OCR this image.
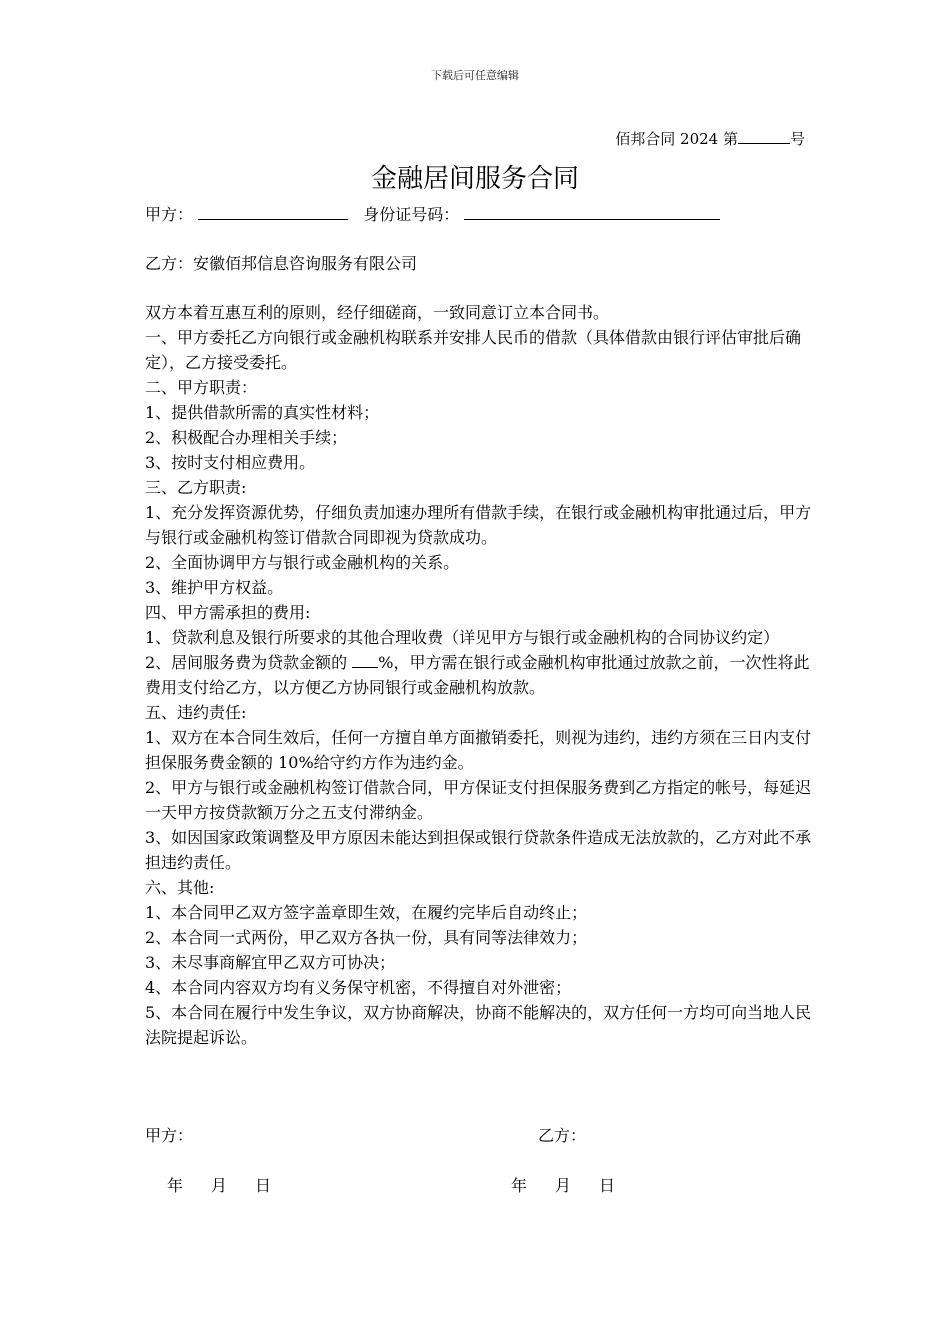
下载后可任意编辑
佰邦合同 2024 第	号
金融居间服务合同
甲方：	身份证号码：
乙方：安徽佰邦信息咨询服务有限公司

双方本着互惠互利的原则，经仔细磋商，一致同意订立本合同书。

一、甲方委托乙方向银行或金融机构联系并安排人民币的借款（具体借款由银行评估审批后确定），乙方接受委托。

二、甲方职责：

1、提供借款所需的真实性材料；

2、积极配合办理相关手续；

3、按时支付相应费用。

三、乙方职责:

1、充分发挥资源优势，仔细负责加速办理所有借款手续，在银行或金融机构审批通过后，甲方与银行或金融机构签订借款合同即视为贷款成功。

2、全面协调甲方与银行或金融机构的关系。

3、维护甲方权益。

四、甲方需承担的费用:

1、贷款利息及银行所要求的其他合理收费（详见甲方与银行或金融机构的合同协议约定）

2、居间服务费为贷款金额的 %，甲方需在银行或金融机构审批通过放款之前，一次性将此费用支付给乙方，以方便乙方协同银行或金融机构放款。

五、违约责任:

1、双方在本合同生效后，任何一方擅自单方面撤销委托，则视为违约，违约方须在三日内支付担保服务费金额的 10%给守约方作为违约金。

2、甲方与银行或金融机构签订借款合同，甲方保证支付担保服务费到乙方指定的帐号，每延迟一天甲方按贷款额万分之五支付滞纳金。

3、如因国家政策调整及甲方原因未能达到担保或银行贷款条件造成无法放款的，乙方对此不承担违约责任。

六、其他:

1、本合同甲乙双方签字盖章即生效，在履约完毕后自动终止；

2、本合同一式两份，甲乙双方各执一份，具有同等法律效力；

3、未尽事商解宜甲乙双方可协决；

4、本合同内容双方均有义务保守机密，不得擅自对外泄密；

5、本合同在履行中发生争议，双方协商解决，协商不能解决的，双方任何一方均可向当地人民法院提起诉讼。

甲方：	乙方：
年 月 日	年 月 日
